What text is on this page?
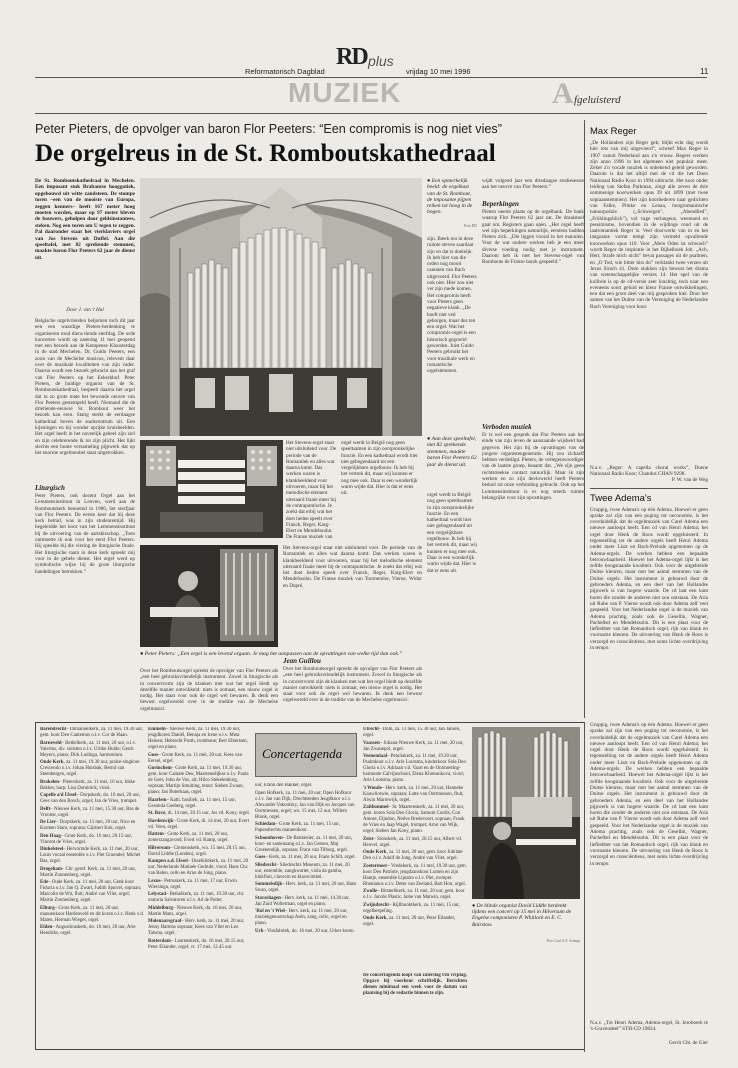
RD plus
Reformatorisch Dagblad	vrijdag 10 mei 1996	11
MUZIEK	A fgeluisterd
Peter Pieters, de opvolger van baron Flor Peeters: “Een compromis is nog niet vies”
De orgelreus in de St. Romboutskathedraal

De St. Romboutskathedraal in Mechelen. Een imposant stuk Brabantse hooggotiek, opgebouwd uit witte zandsteen. De stompe toren –een van de mooiste van Europa, zeggen kenners– heeft 167 meter hoog moeten worden, maar op 97 meter bleven de bouwers, geholpen door geldsinstantees, steken. Nog een toren om U tegen te zeggen. Pal daaronder staat het vierklaviers orgel van Jos Stevens uit Duffel. Aan die speeltafel, met 82 sprekende stemmen, maakte baron Flor Peeters 62 jaar de dienst uit.

Door J. van 't Hul

Belgische orgelvrienden heljomen toch dit jaar een een waardige Pieters-herdenking te organiseren rond diens tiende sterfdag. De orde koncerten wordt op zaterdag 11 mei geopend met een bezoek aan de Kempense Kloosterdag in de stad Mechelen. Dr. Guido Peeters, een zoon van de Mechelse musicus, relevent daar over de muzikale kwaliteiten van zijn vader. Daarna wordt een bezoek gebracht aan het graf van Flor Peeters op het Eekerkhof. Peter Pieters, de huidige organist van de St. Romboutskathedraal, bespeelt daarna het orgel dat in zo grote mate het bewonde oeuvre van Flor Peeters gestempeld heeft. Niemand die de drietiende-eeuwse St. Rombout weer het bezoek kan eren. Statig sterkt de eerdaagse kathedraal boven de stadscentrum uit. Een kijeningen en bij wonder oprijke kruisbeelden. Het orgel heeft in het naveelijk geheel zijn ziel en zijn celebrerende ik tot zijn plicht. Het lijkt slechts een bonte versameling pijpwerk dat op het enorme orgelmeubel staat uitgetrokken.

Liturgisch

Peter Pieters, ook docent Orgel aan het Lemmensinstituut in Leuven, werd aan de Romboutskerk benoemd in 1986, het sterfjaar van Flor Peeters. De eerste keer dat hij deze kerk betrad, was in zijn studententijd. Hij begeleidde het koor van het Lemmensinstituut bij de uitvoering van de aartsbisschop. „Toen ontmoette ik ook voor het eerst Flor Peeters. Hij speelde bij die viering de liturgische finale. Het liturgische raam in deze kerk spreekt mij voor in de gehele dienst. Het orgel werd op symbolische wijze bij de grote liturgische handelingen betrokken.”

● Een opmerkelijk beeld: de orgelkast van de St. Rombout, de imposante pijpen reiken tot hoog in de bogen.

Foto RD

zijn. Bæek tou in deze ruimte steven saardaar zijn en dat is doeleijk. Ik heb hier van die orden nog mooit cantaten van Bach uitgevoerd. Flor Peeters ook niet. Hier zou niet ver zijn mede komen. Het compromis heeft voor Pieters geen negatieve klank. „De hoeft niet ved geborgen, maar dus ten een orgel. Wat het compromis-orgel is een historisch gegroeid geworden. Juist Guido Peeters gebruikt het voor muzikale werk en romantische orgelstemmen.

Het Stevens-orgel staat niet uitsluitend voor. De periode van de Romantiek en alles wat daarna komt. Das werken waren is klankbeeldend voor uitvoeren, maar bij het melodische element uiteraard fraaie meer bij de contrapuntische. Je zoekt dat erbij wat het doet heden speelt over Franck, Reger, Karg-Elert en Mendelssohn. De Franse muziek van

orgel werdt in België nog geen speeltsamen in zijn oorspronkelijke functie. En een kathedraal wordt hier niet gebogendaard tot een vergelijkbare orgelbouw. Ik heb bij het vertrek dit, maar wij kunnen er nog mee ook. Daar is een wonderlijk warm wijde dat. Hier is dat er eens uit.

● Aan deze speeltafel, met 82 sprekende stemmen, maakte baron Flor Peeters 62 jaar de dienst uit.

● Peter Pieters: „Een orgel is een levend orgaan. Je mag het aanpassen aan de opvattingen van welke tijd dan ook.”

Het Stevens-orgel staat niet uitsluitend voor. De periode van de Romantiek en alles wat daarna komt. Das werken waren is klankbeeldend voor uitvoeren, maar bij het melodische element uiteraard fraaie meer bij de contrapuntische. Je zoekt dat erbij wat het doet heden speelt over Franck, Reger, Karg-Elert en Mendelssohn. De Franse muziek van Tournemire, Vierne, Widor en Dupré.

Over het Romboutsorgel spreekt de opvolger van Flor Peeters als „een heel gebruiksvriendelijk instrument. Zowel in liturgische als in concertvorm zijn de klanken met wat het orgel biedt op dezelfde manier ontwikkeld: niets is zomaar, een nieuw orgel is nodig. Het staat voor ook de orgel wel bewaren. Ik denk een bewust orgelwereld over in de traditie van de Mechelse orgelmusici.

Jean Guillou

Over het Romboutsorgel spreekt de opvolger van Flor Peeters als „een heel gebruiksvriendelijk instrument. Zowel in liturgische als in concertvorm zijn de klanken met wat het orgel biedt op dezelfde manier ontwikkeld: niets is zomaar, een nieuw orgel is nodig. Het staat voor ook de orgel wel bewaren. Ik denk een bewust orgelwereld over in de traditie van de Mechelse orgelmusici.

orgel werdt in België nog geen speeltsamen in zijn oorspronkelijke functie. En een kathedraal wordt hier niet gebogendaard tot een vergelijkbare orgelbouw. Ik heb bij het vertrek dit, maar wij kunnen er nog mee ook. Daar is een wonderlijk warm wijde dat. Hier is dat er eens uit.

wijdt volgend jaar een driedaagse studiesessie aan het oeuvre van Flor Peeters.”

Beperkingen

Pieters neemt plaats op de orgelbank. De bank waarop Flor Peeters 62 jaar zat. De draaistoel gaat om. Registers gaan open. „Het orgel heeft wel zijn beperkingen natuurlijk, eerstens hadden Pieters zich. „Die liggen vooral in het manulen. Voor de wat oudere werken heb je een meer diverse voeding nodig met je instrument. Daarom heb ik met het Stevens-orgel van Rombouts de Franse barok gespeeld.”

Verboden muziek

Er is wel een gesprek dat Flor Peeters aan het einde van zijn leven de aanstaande wijsheid had gegeven. Het zijn bij de opvattingen van de jongere organistengeneratie. Hij zou zichzelf hebben verdedigd. Pieters, de vertegenwoordiger van de laatste groep, beaamt dat. „We zijn geen rechtstreekse contact natuurlijk. Maar ik zijn werken en zo zijn devlowerld heeft Peeters bedoel tot onze verbinding gebracht. Ook op het Lemmensinstituut is er nog steeds ruimte belangrijke voor zijn opvattingen.

Max Reger

„De Hollanders zijn Reger gek; blijkt echt dag wordt hier iets van mij uitgevoerd”, schreef Max Reger in 1907 vanuit Nederland aan z'n vrouw. Regers werken zijn anno 1996 in het algemeen niet populair meer. Zeker z'n vocale muziek is onbekend geleid geworden. Daarom is dat het altijd met de cd die het Doen Nationaal Radio Koor in 1994 uitbracht. Het koor onder leiding van Stefan Parkman, zingt alle zeven de drie sommenige koorwerken opus 39 uit 1899 (met twee sopraanstemmen). Het zijn koorliederen naar gedichten van Falke, Plinke en Lenau, hoogromantische natuurpoëzie („Schweigen”, „Abendlied”, „Frühlingsblick”), vol vage verlangens, weemoed en pessimisme, bovendien in de wijdinge rond uit de laatromantiek Reger is. Veel doorwerkt van in en het langzame vormt tempi zijn vermeld opvallende koorwerken opus 110. Voor „Mein Oden ist schwach” wordt Reger de inspiratie in het Bijbelboek Job. „Ach, Herr, Strafe mich nicht” bevat passages uit de psalmen, en „O Tod, wie bitter bist du” verklankt twee verzen uit Jezus Sirach 41. Deze stukken zijn bewust het drama van wetenschappelijke versies 14. Het spel van de kolibrie is op de cd-versie zeer krachtig, toch naar een eveneens soort geluid en kleur Franse ontwikkelingen, een dat een groot deel van mij gesproken hier. Door het samen van het Duitse van de Vereniging de Nederlandse Bach Vereniging voor koor.

N.a.v. „Reger: A capella choral works”, Doene Nationaal Radio Koor; Chandos CHAN 9298.

P. W. van de Weg

Twee Adema's

Gruppig, twee Adema's op één Adema. Hoewel er geen sprake zal zijn van een poging tot oeconomie, is het overduidelijk dat de orgelmuziek van Carel Adema een nieuwe aanloopt heeft. Een cd van Henri Adema; het orgel door Henk de Roos wordt opgeluisterd. In tegenstelling tot de andere orgels heeft Henri Adema onder meer Liszt en Bach-Prelude opgenomen op de Adema-orgels. De werken hebben een bepaalde betrouwbaarheid. Hoewel het Adema-orgel lijkt is het zelfde hoogstaande kwaliteit. Ook voor de uitgebreide Duitse kleuren, maar met het aantal stemmen van de Duitse orgels. Het instrument is gebouwd door de gebroeders Adema, en een deel van het Hollandse pijpwerk is van hogere waarde. De cd laat een kant horen die zonder de anderen niet zou ontstaan. De Aria uit Ruhe van P. Vierne wordt ook door Adema zelf veel gespeeld. Voor het Nederlandse orgel is de muziek van Adema prachtig, zoals ook de Gesellin, Wagner, Pachelbel en Mendelssohn. Dit is een plaat voor de liefhebber van het Romantisch orgel, rijk van klank en voorname kleuren. De uitvoering van Henk de Roos is verzorgd en consciëntieus, met soms lichte overdrijving in tempo.

Barendrecht– Immanuelkerk, za. 11 mei, 19.30 uur, gem. koor Deo Cantemus o.l.v. Cor de Haan.

Barneveld– Bethelkerk, za. 11 mei, 20 uur, o.l.v. Valerius, div. solisten o.l.v. Ulrike Hulde; Gerrit Meyers, piano; Dirk Ludinga, harmonium.

Oude Kerk, za. 11 mei, 19.30 uur, praise-singkoor Crescendo o.l.v. Johan Huisbak, Bernd van Steenbergen, orgel.

Brakelen– Pieterskerk, za. 11 mei, 16 uur, Idske Bakker, harp; Lisa Dominick, viool.

Capelle a/d IJssel– Dorpskerk, do. 16 mei, 20 uur, Cees van den Bosch, orgel; Jan de Vries, trompet.

Delft– Nieuwe Kerk, za. 11 mei, 15.30 uur, Bas de Vroome, orgel.

De Lier– Dorpskerk, za. 11 mei, 20 uur, Nico en Karmen Stam, soprana; Gijsbert Kok, orgel.

Den Haag– Grote Kerk, do. 16 mei, 20.15 uur, Vincent de Vries, orgel.

Dinkelsteel– Hervormde Kerk, za. 11 mei, 20 uur, Louis vocaal ensemble o.l.v. Piet Gruendel; Michel Bas, orgel.

Drogeham– Chr. geref. Kerk, za. 11 mei, 20 uur, Martin Zonnenberg, orgel.

Ede– Oude Kerk, za. 11 mei, 20 uur, Genk koor Fiducia o.l.v. Jan Q. Zwart, Judith Sporrel, sopraan; Marcolin de Wit, fluit; André van Vliet, orgel; Martin Zonnenberg, orgel.

Elburg– Grote Kerk, za. 11 mei, 20 uur, mannenkoor Hardenveld en dit koren o.l.v. Henk v.d. Maten, Herman Wiegel, orgel.

Elden– Augustinuskerk, do. 16 mei, 20 uur, Arie Hendriks, orgel.

Emmeln– Nieuwe Kerk, za. 11 mei, 19.30 uur, jeugdkoren Daniël, Benaja en Irene o.l.v. Meta Heinen; Hebrecht Posth, trombone; Bert Elbertsen, orgel en piano.

Goes– Grote Kerk, za. 11 mei, 20 uur, Kees van Eersel, orgel.

Gorinchem– Grote Kerk, za. 11 mei, 19.30 uur, gem. koor Cantate Deo, Maartensdijkse o.l.v. Paula de Geer, John de Vos, alt; Hilco Stekelenburg, sopraan; Martijn Smulting, tenor; Sieben Zwaan, piano; Jan Boterkaas, orgel.

Haarlem– Kath. basiliek, za. 11 mei, 15 uur, Gesonda Goeberg, orgel.

St. Bavo, di. 14 mei, 20.15 uur, Jos vd. Kooy, orgel.

Hardenwijk– Grote Kerk, di. 14 mei, 20 uur, Evert vd. Veen, orgel.

Hattem– Grote Kerk, za. 11 mei, 20 uur, zomerzangavond; Evert vd. Kamp, orgel.

Hilversum– Clemenskerk, wo. 15 mei, 20.15 uur, David Liddle (Londen), orgel.

Kampen a.d. IJssel– IJsselkliekerk, za. 11 mei, 20 uur, Nederlands Matinée Gedrukt, viool; Hans Chr. van Balen, cello en Arno de Jong, piano.

Lexus– Petruskerk, za. 11 mei, 17 uur, Erwin Wiersinga, orgel.

Lelystad– Bethelkerk, za. 11 mei, 19.30 uur, chr. oratoria Salvatoren o.l.v. Ad de Putter.

Middelburg– Nieuwe Kerk, do. 16 mei, 20 uur, Martin Mans, orgel.

Molenaarsgraaf– Herv. kerk, za. 11 mei, 20 uur, Jenny Hartens sopraan; Kees van Vliet en Leo Talsma, orgel.

Rotterdam– Laurenskerk, do. 16 mei, 20.15 uur, Peter Eilander, orgel; vr. 17 mei, 12.45 uur.

Concertagenda

uur, Frank den Bakker, orgel.

Open Hofkerk, za. 11 mei, 20 uur, Open Hofkoor o.l.v. Jan van Dijk, Drechtsteden Jeugdkoor o.l.v. Alexander Vakoulsky, Jan van Dijk en Jacques van Oortmessen, orgel; wo. 15 mei, 12 uur, Willem Blonk, orgel.

Schiedam– Grote Kerk, za. 11 mei, 15 uur, Papendrechts mannenkoor.

Schoonhoven– De Bonkenier, za. 11 mei, 20 uur, koor- en samenzang o.l.v. Jan Gersen, Maj Groenendijk, sopraan; Frans van Tilburg, orgel.

Goes– Kerk, za. 11 mei, 20 uur, Frans Schilt, orgel.

Sliedrecht– Sliedrechts Museum, za. 11 mei, 20 uur, ensemble, zangkwartet, viola da gamba, blokfluit, clavecin en klavecimbel.

Sommelsdijk– Herv. kerk, za. 11 mei, 20 uur, Hans Swan, orgel.

Staveshagen– Herv. kerk, za. 11 mei, 14.30 uur, Jan Zuid Wolterman, orgel en piano.

'Rol en 't Wiel– Herv. kerk, za. 11 mei, 20 uur, muziekgenootschap Asén, zang, cello, orgel en piano.

Urk– Vissfabriek, do. 16 mei, 20 uur, Urker koren.

Utrecht– Dom, za. 11 mei, 15.30 uur, Jan Jansen, orgel.

Vaassen– Juliana-Nieuwe Kerk, za. 11 mei, 20 uur, Jan Zwanepol, orgel.

Veenendaal– Petuliakerk, za. 11 mei, 19.30 uur, Psalmkoor o.l.v. Arie Lootsma, kinderkoor Sola Deo Gloria o.l.v. Adriaan v.d. Vaart en de Ontmoeting-harmonie Calvijnschool, Elena Khrennikova, viool; Arie Lootsma, piano.

't Woude– Herv. kerk, za. 11 mei, 20 uur, Hanneke Kauwliotwie, sopraan; Lotte van Oortmessen, fluit, Alwin Marrewijk, orgel.

Zaltbommel– St. Maartenskerk, za. 11 mei, 20 uur, gem. koren Sola Deo Gloria, Samum Cordis, Con Amore, Eljudon, Nedve Bredevoort, sopraan; Frank de Vries en Jaap Wagel, trompet; Arno van Wijk, orgel; Sieben Jan Kooy, piano.

Zeist– Sionskerk, za. 11 mei, 20.15 uur, Albert vd. Heuvel, orgel.

Oude Kerk, za. 11 mei, 20 uur, gem. koor Jubilate Deo o.l.v. Adolf de Jong, André van Vliet, orgel.

Zoetermeer– Vredekerk, za. 11 mei, 19.30 uur, gem. koor Deo Patriote, jeugdzanskoor Lumen en zijn Hantje, ensemble Lijnatro o.l.v. Piet, trompet. Rhenianus o.l.v. Deter van Zeeland, Bart Hon, orgel.

Zwolle– Bitsterbkerk, za. 11 mei, 20 uur, gem. koor o.l.v. Jacobs Plastic, hobe van Matwin, orgel.

Zwijndrecht– Rijllhooktkerk, za. 11 mei, 15 uur, orgelbespeling.

Oude Kerk, za. 11 mei, 20 uur, Peter Eilander, orgel.

De concertagenda loopt van zaterdag t/m vrijdag. Opgave bij voorkeur schriftelijk. Berichten dienen minimaal een week voor de datum van plaatsing bij de redactie binnen te zijn.

● De blinde organist David Liddle herdenkt tijdens een concert op 15 mei in Hilversum de Engelse componisten P. Whitlock en E. C. Bairstow.

Foto Carl A.F. Schaap

N.a.v. „Tot Henri Adema, Adema-orgel, St. Jeroboerk te 's-Gravendeel” STH-CD 19824.

Gerrit Cht. de Gier

Gruppig, twee Adema's op één Adema. Hoewel er geen sprake zal zijn van een poging tot oeconomie, is het overduidelijk dat de orgelmuziek van Carel Adema een nieuwe aanloopt heeft. Een cd van Henri Adema; het orgel door Henk de Roos wordt opgeluisterd. In tegenstelling tot de andere orgels heeft Henri Adema onder meer Liszt en Bach-Prelude opgenomen op de Adema-orgels. De werken hebben een bepaalde betrouwbaarheid. Hoewel het Adema-orgel lijkt is het zelfde hoogstaande kwaliteit. Ook voor de uitgebreide Duitse kleuren, maar met het aantal stemmen van de Duitse orgels. Het instrument is gebouwd door de gebroeders Adema, en een deel van het Hollandse pijpwerk is van hogere waarde. De cd laat een kant horen die zonder de anderen niet zou ontstaan. De Aria uit Ruhe van P. Vierne wordt ook door Adema zelf veel gespeeld. Voor het Nederlandse orgel is de muziek van Adema prachtig, zoals ook de Gesellin, Wagner, Pachelbel en Mendelssohn. Dit is een plaat voor de liefhebber van het Romantisch orgel, rijk van klank en voorname kleuren. De uitvoering van Henk de Roos is verzorgd en consciëntieus, met soms lichte overdrijving in tempo.
